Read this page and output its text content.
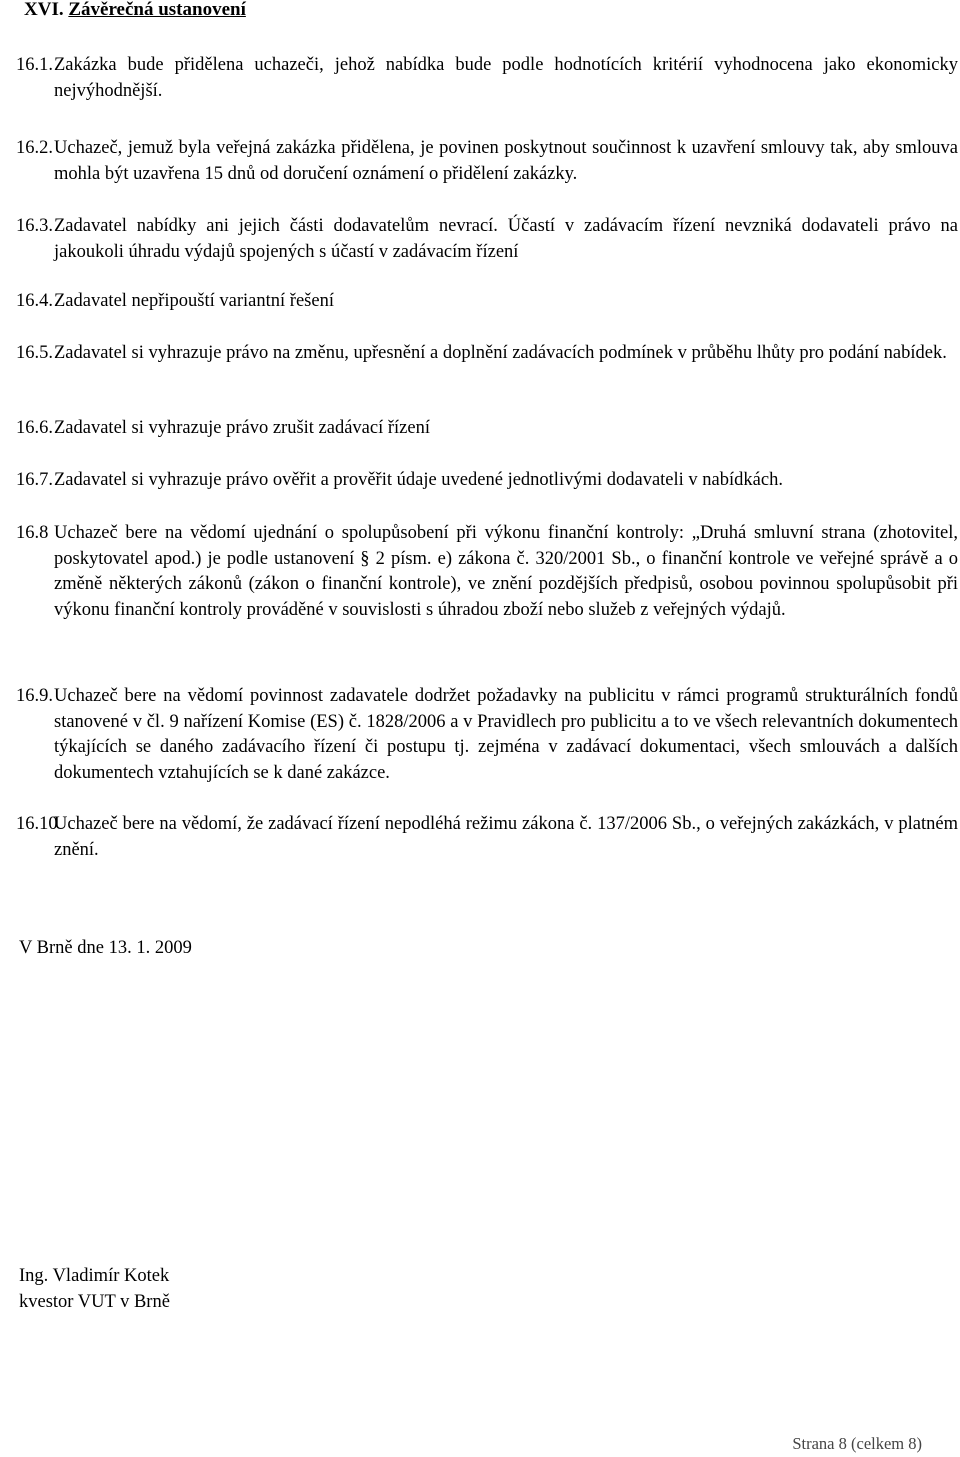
XVI. Závěrečná ustanovení
16.1. Zakázka bude přidělena uchazeči, jehož nabídka bude podle hodnotících kritérií vyhodnocena jako ekonomicky nejvýhodnější.
16.2. Uchazeč, jemuž byla veřejná zakázka přidělena, je povinen poskytnout součinnost k uzavření smlouvy tak, aby smlouva mohla být uzavřena 15 dnů od doručení oznámení o přidělení zakázky.
16.3. Zadavatel nabídky ani jejich části dodavatelům nevrací. Účastí v zadávacím řízení nevzniká dodavateli právo na jakoukoli úhradu výdajů spojených s účastí v zadávacím řízení
16.4. Zadavatel nepřipouští variantní řešení
16.5. Zadavatel si vyhrazuje právo na změnu, upřesnění a doplnění zadávacích podmínek v průběhu lhůty pro podání nabídek.
16.6. Zadavatel si vyhrazuje právo zrušit zadávací řízení
16.7. Zadavatel si vyhrazuje právo ověřit a prověřit údaje uvedené jednotlivými dodavateli v nabídkách.
16.8 Uchazeč bere na vědomí ujednání o spolupůsobení při výkonu finanční kontroly: „Druhá smluvní strana (zhotovitel, poskytovatel apod.) je podle ustanovení § 2 písm. e) zákona č. 320/2001 Sb., o finanční kontrole ve veřejné správě a o změně některých zákonů (zákon o finanční kontrole), ve znění pozdějších předpisů, osobou povinnou spolupůsobit při výkonu finanční kontroly prováděné v souvislosti s úhradou zboží nebo služeb z veřejných výdajů.
16.9. Uchazeč bere na vědomí povinnost zadavatele dodržet požadavky na publicitu v rámci programů strukturálních fondů stanovené v čl. 9 nařízení Komise (ES) č. 1828/2006 a v Pravidlech pro publicitu a to ve všech relevantních dokumentech týkajících se daného zadávacího řízení či postupu tj. zejména v zadávací dokumentaci, všech smlouvách a dalších dokumentech vztahujících se k dané zakázce.
16.10
Uchazeč bere na vědomí, že zadávací řízení nepodléhá režimu zákona č. 137/2006 Sb., o veřejných zakázkách, v platném znění.
V Brně dne 13. 1. 2009
Ing. Vladimír Kotek
kvestor VUT v Brně
Strana 8 (celkem 8)
